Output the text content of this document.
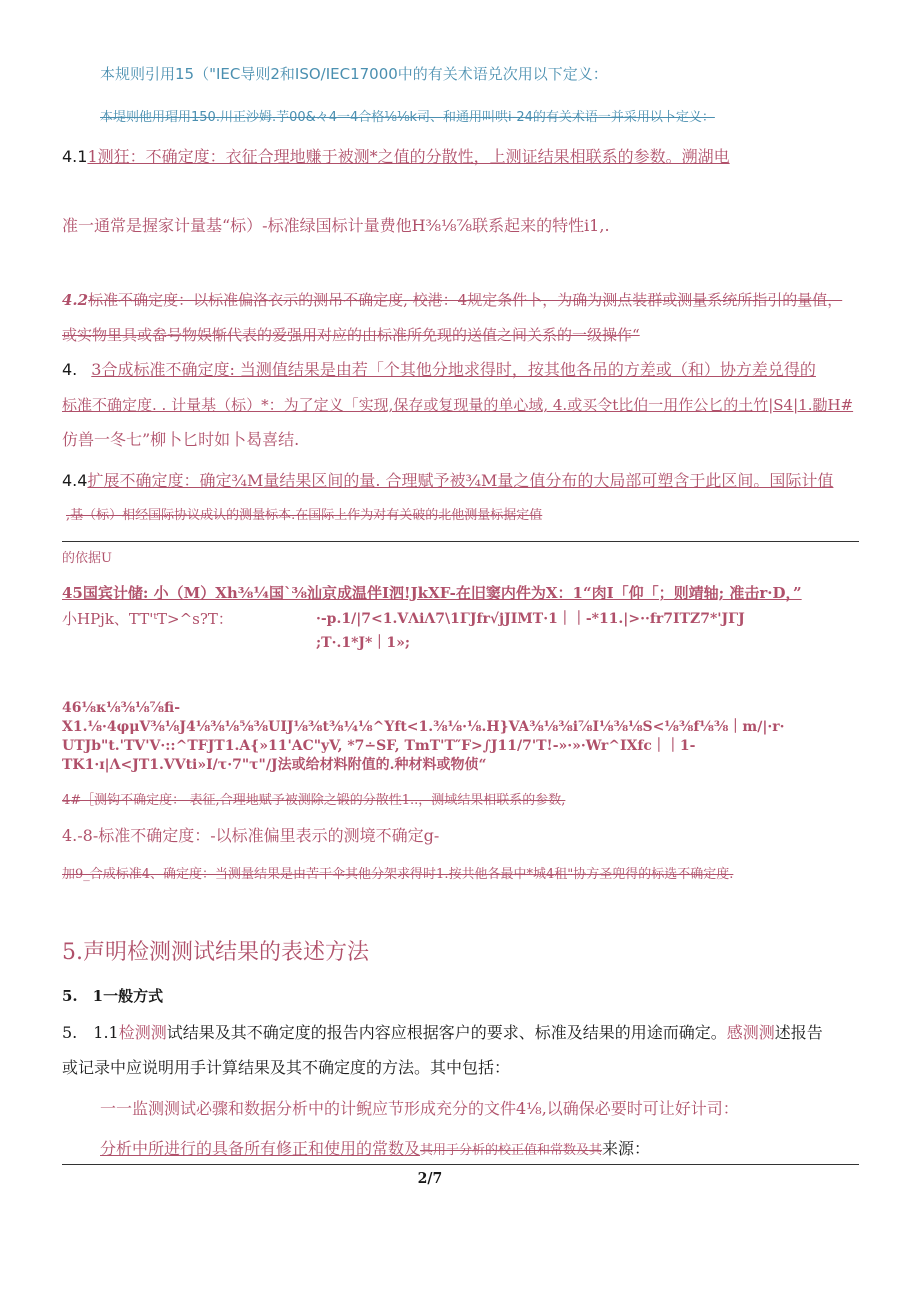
本规则引用15（"IEC导则2和ISO/IEC17000中的有关术语兑次用以下定义：
本堤则他用瑁用150.川正沙姆.芋00&々4一4合格⅛⅛k司、和通用叫哄ⅰ-24的有关术语一并采用以卜定义：
4.11测狂：不确定度：衣征合理地赚于被测*之值的分散性，上测证结果相联系的参数。溯湖电
准一通常是握家计量基“标）-标准绿国标计量费他H⅜⅛⅞联系起来的特性ⅰ1,.
4.2标准不确定度：以标准偏洛衣示的测吊不确定度, 校港：4规定条件卜，为确为测点装群或测量系统所指引的量值，
或实物里具或畚号物娱惭代表的爱强用对应的由标准所免现的送值之间关系的一级操作“
4. 3合成标准不确定度: 当测值结果是由若「个其他分地求得时，按其他各吊的方差或（和）协方差兑得的
标准不确定度. . 计量基（标）*：为了定义「实现,保存或复现量的单心域, 4.或买令t比伯一用作公匕的土竹|S4|1.㔥H#
仿兽一冬七”柳卜匕时如卜曷喜结.
4.4扩展不确定度：确定¾M量结果区间的量. 合理赋予被¾M量之值分布的大局部可塑含于此区间。国际计值
,基（标）相经国际协议成认的测量标本.在国际上作为对有关破的北他测量标据定值
的依据U
45国宾计储: 小（M）Xh⅜¼国`⅜汕京成温伴I泗!JkXF-在旧窦内件为X：1“肉I「仰「；则靖轴; 准击r·D，”
小HPjk、TT'ᵗT>^s?T：	·-p.1/|7<1.VΛiΛ7\1ΓJfr√jJIMT·1｜｜-*11.|>··fr7ITZ7*'JΓJ
;T·.1*J*｜1»;
46⅛к⅛⅜⅛⅞fi-
X1.⅛·4φμV⅜⅛J4⅛⅜⅛⅝⅜UIJ⅛⅜t⅜¼⅛^Yft<1.⅜⅛·⅛.H}VA⅜⅛⅜i⅞I⅛⅜⅛S<⅛⅜f⅛⅜｜m∕|·r·
UTJb"t.'TV'V·::^TFJT1.A{»11'AC"yV, *7∸SF, TmT'T″F>∫J11/7'T!-»·»·Wr^IXfc｜｜1-
TK1·ɪ|Λ<JT1.VVti»I/τ·7"τ"∕J法或给材料附值的.种材料或物侦“
4#［测钩不确定度：-表征,合理地赋予被测除之锻的分散性1..，测域结果相联系的参数,
4.-8-标准不确定度：-以标准偏里表示的测境不确定g-
加9_合成标准4、确定度：当测量结果是由苦干伞其他分架求得时1.按共他各最中*城4租"协方圣兜得的标选不确定度.
5.声明检测测试结果的表述方法
5.　1一般方式
5.　1.1检测测试结果及其不确定度的报告内容应根据客户的要求、标准及结果的用途而确定。感测测述报告
或记录中应说明用手计算结果及其不确定度的方法。其中包括：
一一监测测试必骤和数据分析中的计鲵应节形成充分的文件4⅛,以确保必要时可让好计司：
分析中所进行的具备所有修正和使用的常数及其用于分析的校正值和常数及其来源：
2/7
